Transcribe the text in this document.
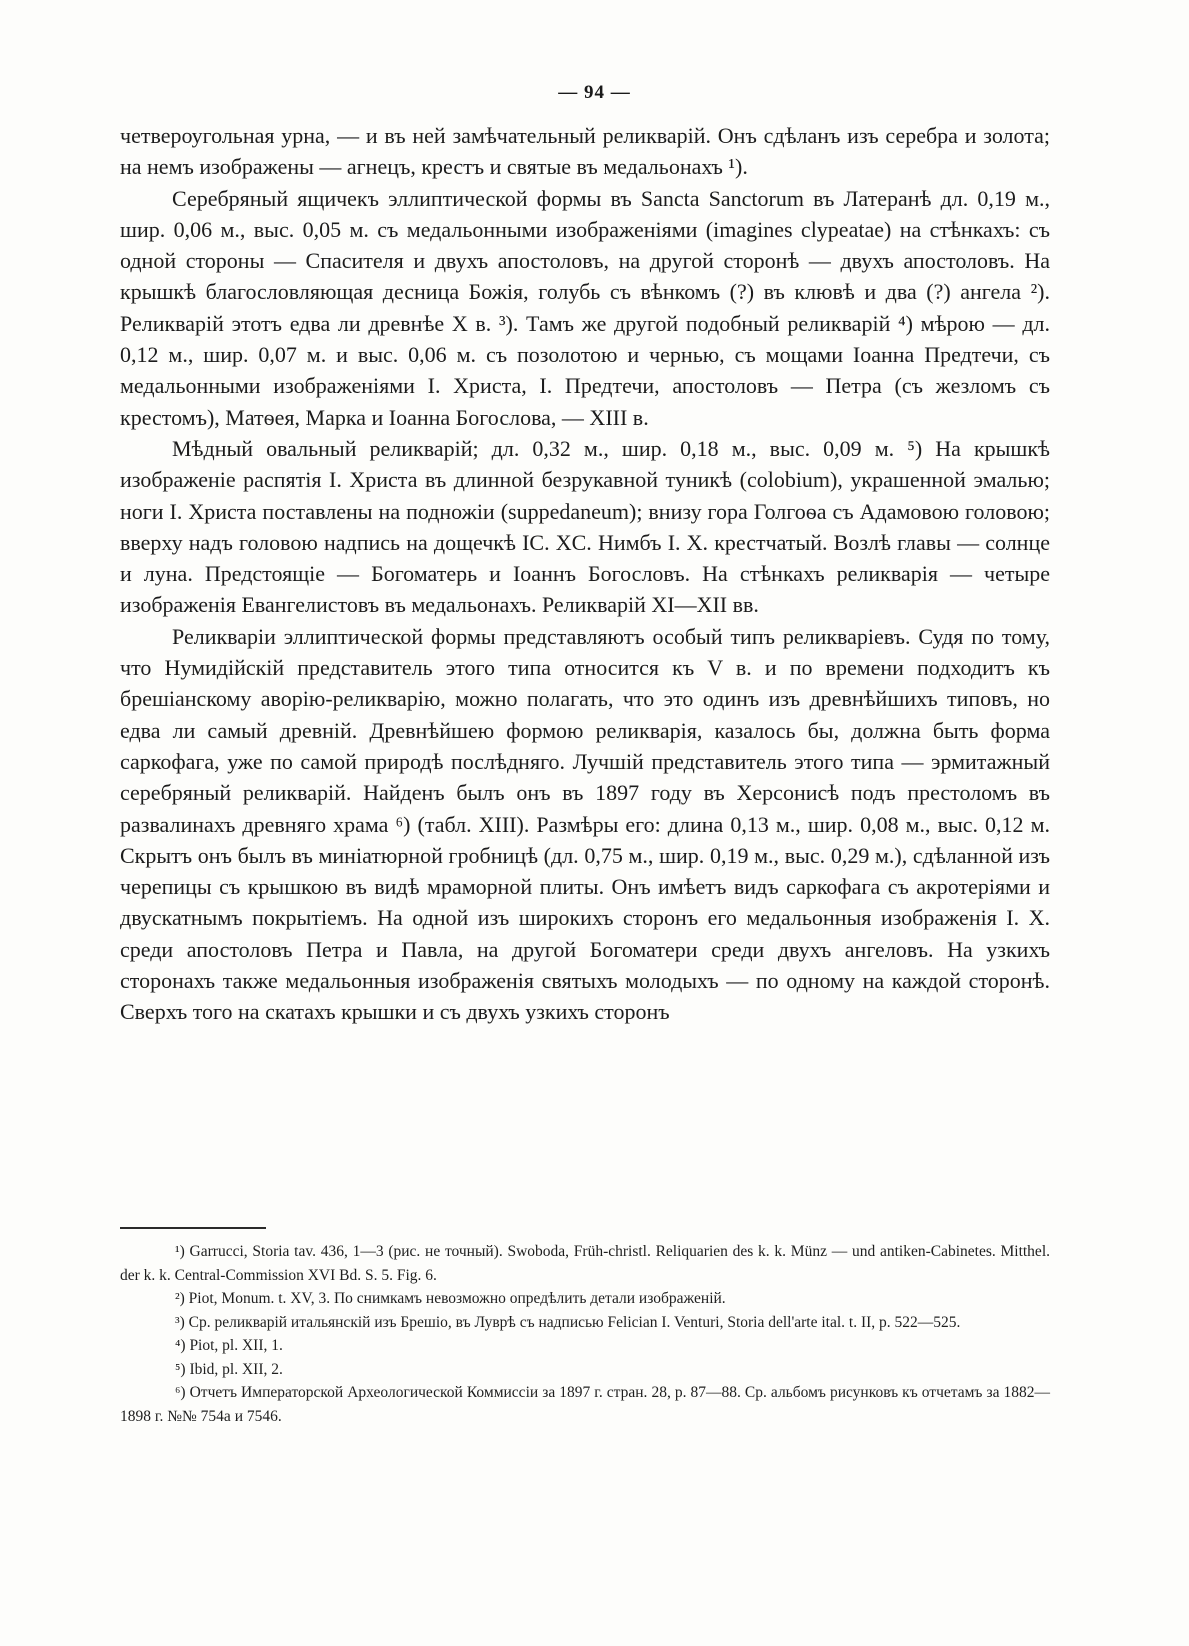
— 94 —

четвероугольная урна, — и въ ней замѣчательный реликварій. Онъ сдѣланъ изъ серебра и золота; на немъ изображены — агнецъ, крестъ и святые въ медальонахъ ¹).

Серебряный ящичекъ эллиптической формы въ Sancta Sanctorum въ Латеранѣ дл. 0,19 м., шир. 0,06 м., выс. 0,05 м. съ медальонными изображеніями (imagines clypeatae) на стѣнкахъ: съ одной стороны — Спасителя и двухъ апостоловъ, на другой сторонѣ — двухъ апостоловъ. На крышкѣ благословляющая десница Божія, голубь съ вѣнкомъ (?) въ клювѣ и два (?) ангела ²). Реликварій этотъ едва ли древнѣе X в. ³). Тамъ же другой подобный реликварій ⁴) мѣрою — дл. 0,12 м., шир. 0,07 м. и выс. 0,06 м. съ позолотою и чернью, съ мощами Іоанна Предтечи, съ медальонными изображеніями І. Христа, І. Предтечи, апостоловъ — Петра (съ жезломъ съ крестомъ), Матѳея, Марка и Іоанна Богослова, — XIII в.

Мѣдный овальный реликварій; дл. 0,32 м., шир. 0,18 м., выс. 0,09 м. ⁵) На крышкѣ изображеніе распятія І. Христа въ длинной безрукавной туникѣ (colobium), украшенной эмалью; ноги І. Христа поставлены на подножіи (suppedaneum); внизу гора Голгоѳа съ Адамовою головою; вверху надъ головою надпись на дощечкѣ IC. XC. Нимбъ І. Х. крестчатый. Возлѣ главы — солнце и луна. Предстоящіе — Богоматерь и Іоаннъ Богословъ. На стѣнкахъ реликварія — четыре изображенія Евангелистовъ въ медальонахъ. Реликварій XI—XII вв.

Реликваріи эллиптической формы представляютъ особый типъ реликваріевъ. Судя по тому, что Нумидійскій представитель этого типа относится къ V в. и по времени подходитъ къ брешіанскому аворію-реликварію, можно полагать, что это одинъ изъ древнѣйшихъ типовъ, но едва ли самый древній. Древнѣйшею формою реликварія, казалось бы, должна быть форма саркофага, уже по самой природѣ послѣдняго. Лучшій представитель этого типа — эрмитажный серебряный реликварій. Найденъ былъ онъ въ 1897 году въ Херсонисѣ подъ престоломъ въ развалинахъ древняго храма ⁶) (табл. XIII). Размѣры его: длина 0,13 м., шир. 0,08 м., выс. 0,12 м. Скрытъ онъ былъ въ миніатюрной гробницѣ (дл. 0,75 м., шир. 0,19 м., выс. 0,29 м.), сдѣланной изъ черепицы съ крышкою въ видѣ мраморной плиты. Онъ имѣетъ видъ саркофага съ акротеріями и двускатнымъ покрытіемъ. На одной изъ широкихъ сторонъ его медальонныя изображенія І. Х. среди апостоловъ Петра и Павла, на другой Богоматери среди двухъ ангеловъ. На узкихъ сторонахъ также медальонныя изображенія святыхъ молодыхъ — по одному на каждой сторонѣ. Сверхъ того на скатахъ крышки и съ двухъ узкихъ сторонъ

¹) Garrucci, Storia tav. 436, 1—3 (рис. не точный). Swoboda, Früh-christl. Reliquarien des k. k. Münz — und antiken-Cabinetes. Mitthel. der k. k. Central-Commission XVI Bd. S. 5. Fig. 6.

²) Piot, Monum. t. XV, 3. По снимкамъ невозможно опредѣлить детали изображеній.

³) Ср. реликварій итальянскій изъ Брешіо, въ Луврѣ съ надписью Felician I. Venturi, Storia dell'arte ital. t. II, p. 522—525.

⁴) Piot, pl. XII, 1.

⁵) Ibid, pl. XII, 2.

⁶) Отчетъ Императорской Археологической Коммиссіи за 1897 г. стран. 28, р. 87—88. Ср. альбомъ рисунковъ къ отчетамъ за 1882—1898 г. №№ 754а и 7546.
